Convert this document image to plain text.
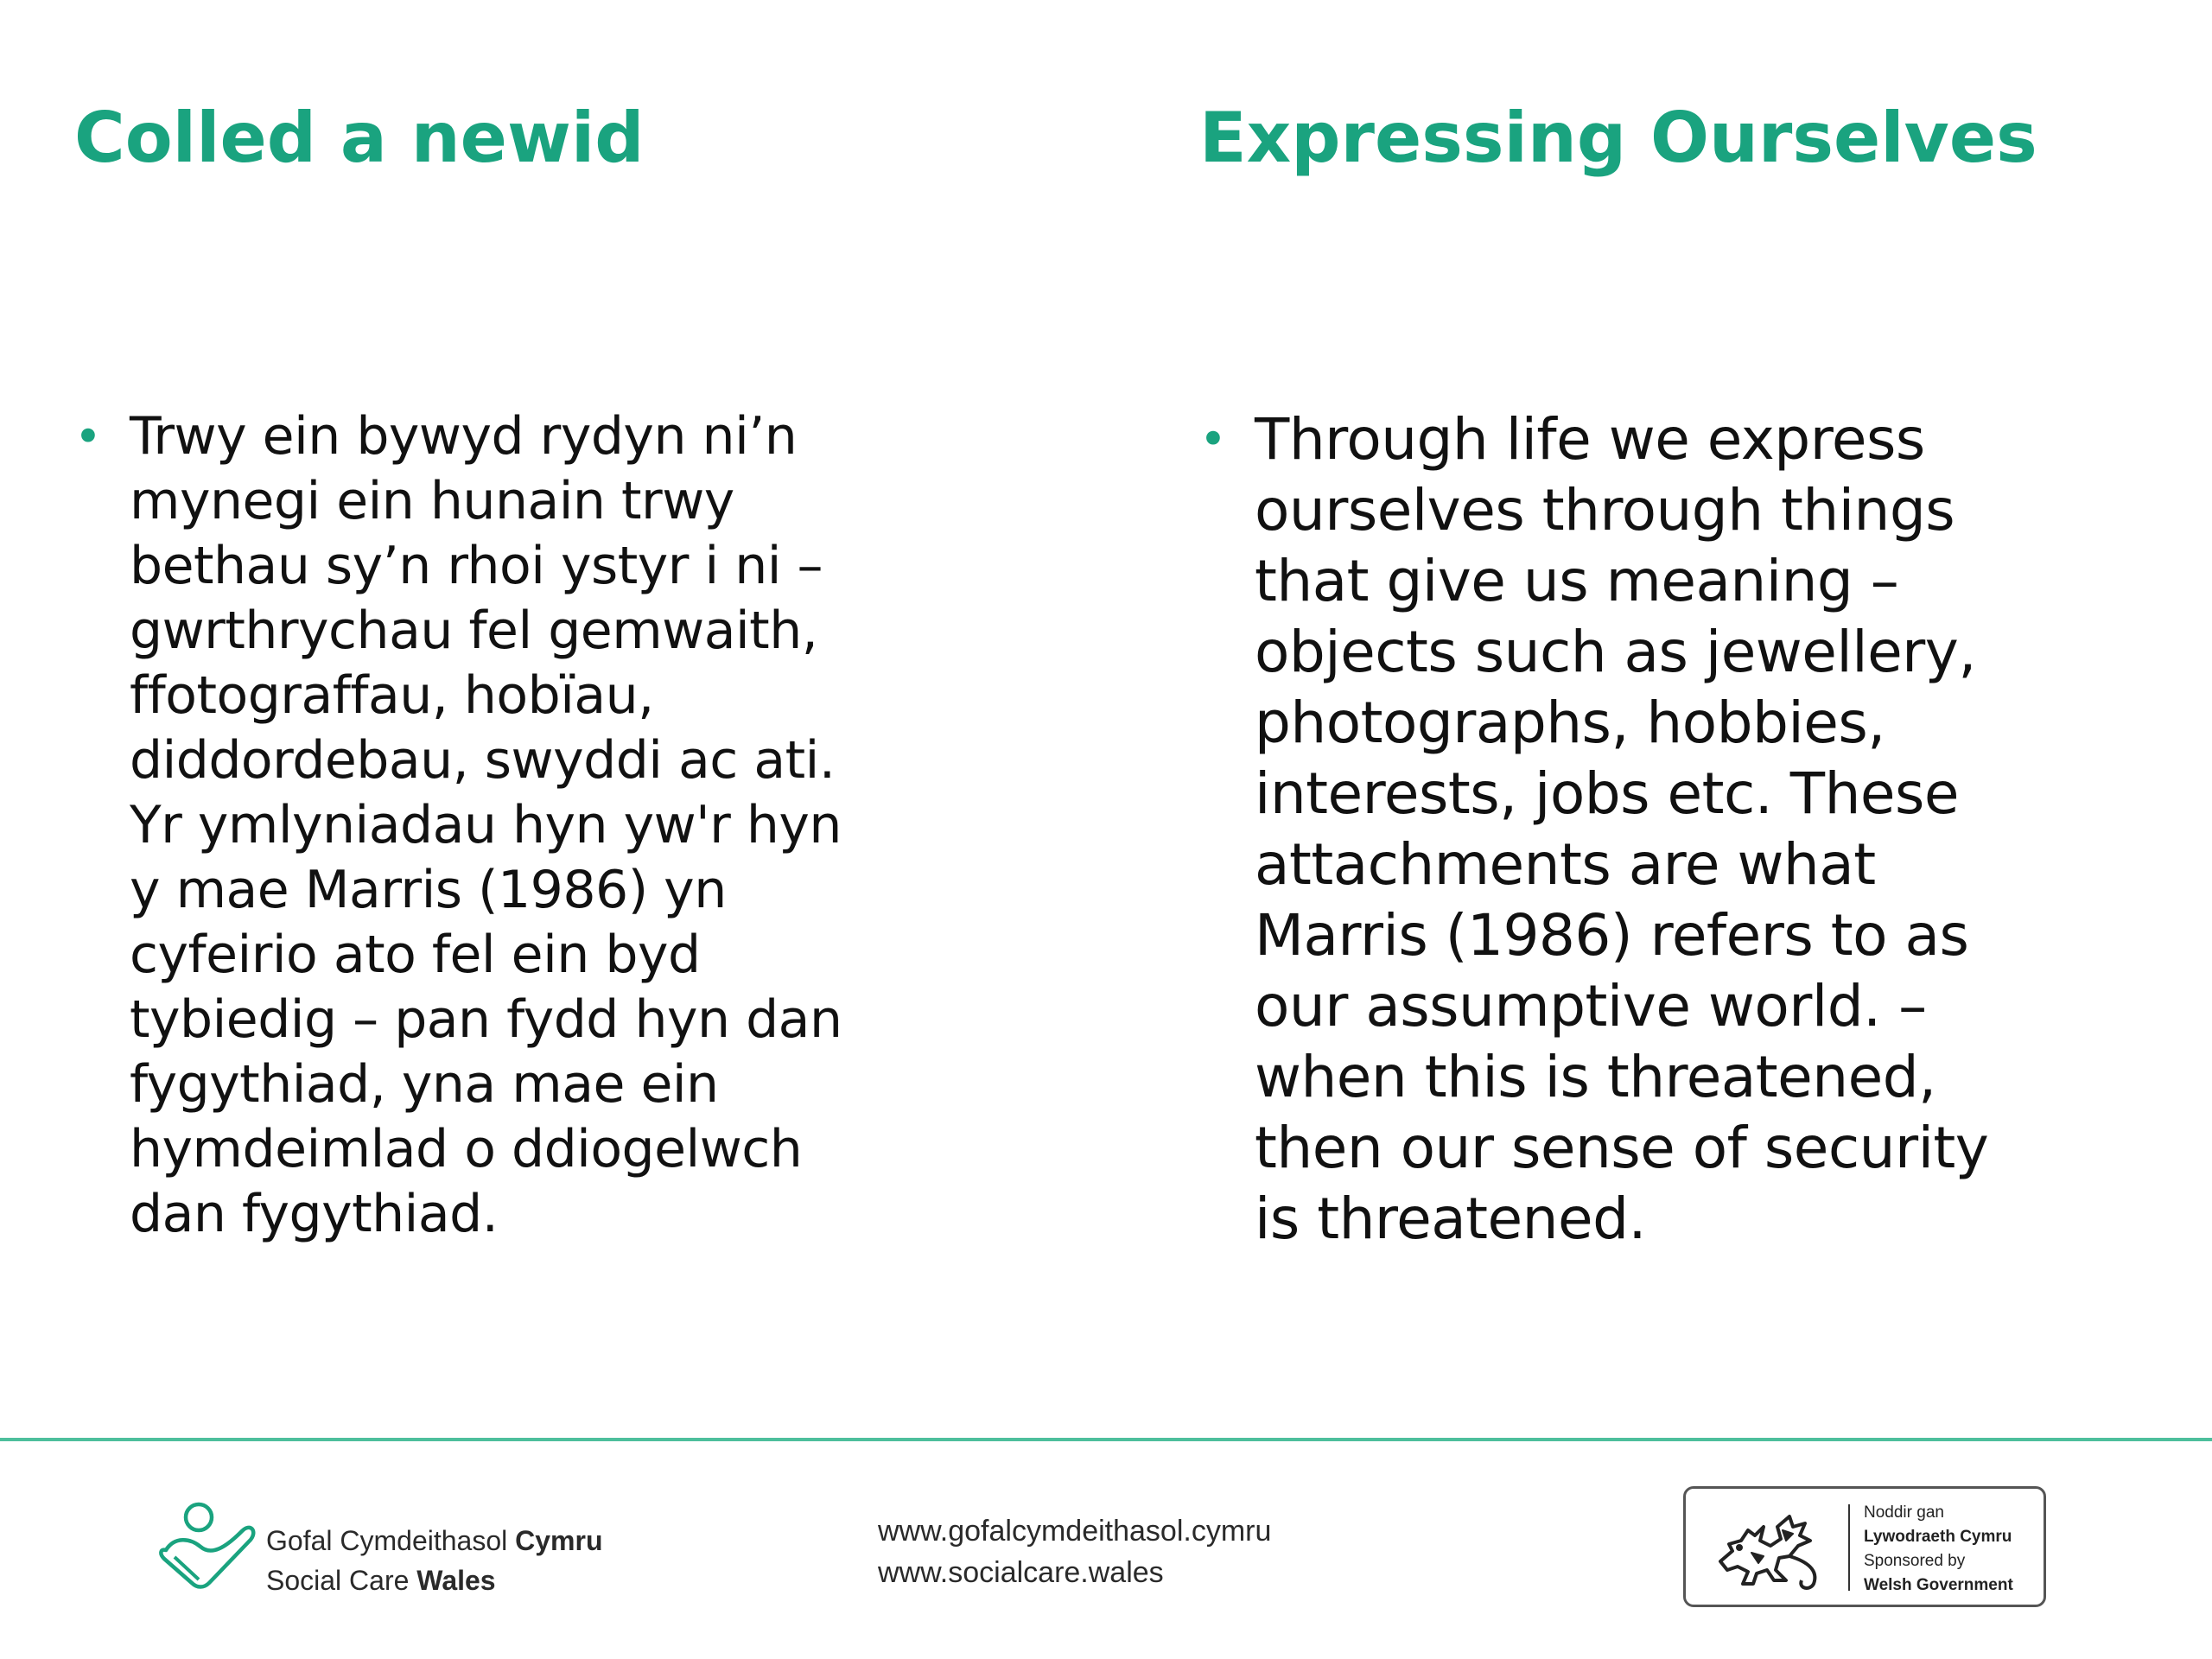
Colled a newid	Expressing Ourselves
• Trwy ein bywyd rydyn ni’n
mynegi ein hunain trwy
bethau sy’n rhoi ystyr i ni –
gwrthrychau fel gemwaith,
ffotograffau, hobïau,
diddordebau, swyddi ac ati.
Yr ymlyniadau hyn yw'r hyn
y mae Marris (1986) yn
cyfeirio ato fel ein byd
tybiedig – pan fydd hyn dan
fygythiad, yna mae ein
hymdeimlad o ddiogelwch
dan fygythiad.
• Through life we express
ourselves through things
that give us meaning –
objects such as jewellery,
photographs, hobbies,
interests, jobs etc. These
attachments are what
Marris (1986) refers to as
our assumptive world. –
when this is threatened,
then our sense of security
is threatened.
Gofal Cymdeithasol Cymru
Social Care Wales
www.gofalcymdeithasol.cymru
www.socialcare.wales
Noddir gan
Lywodraeth Cymru
Sponsored by
Welsh Government
